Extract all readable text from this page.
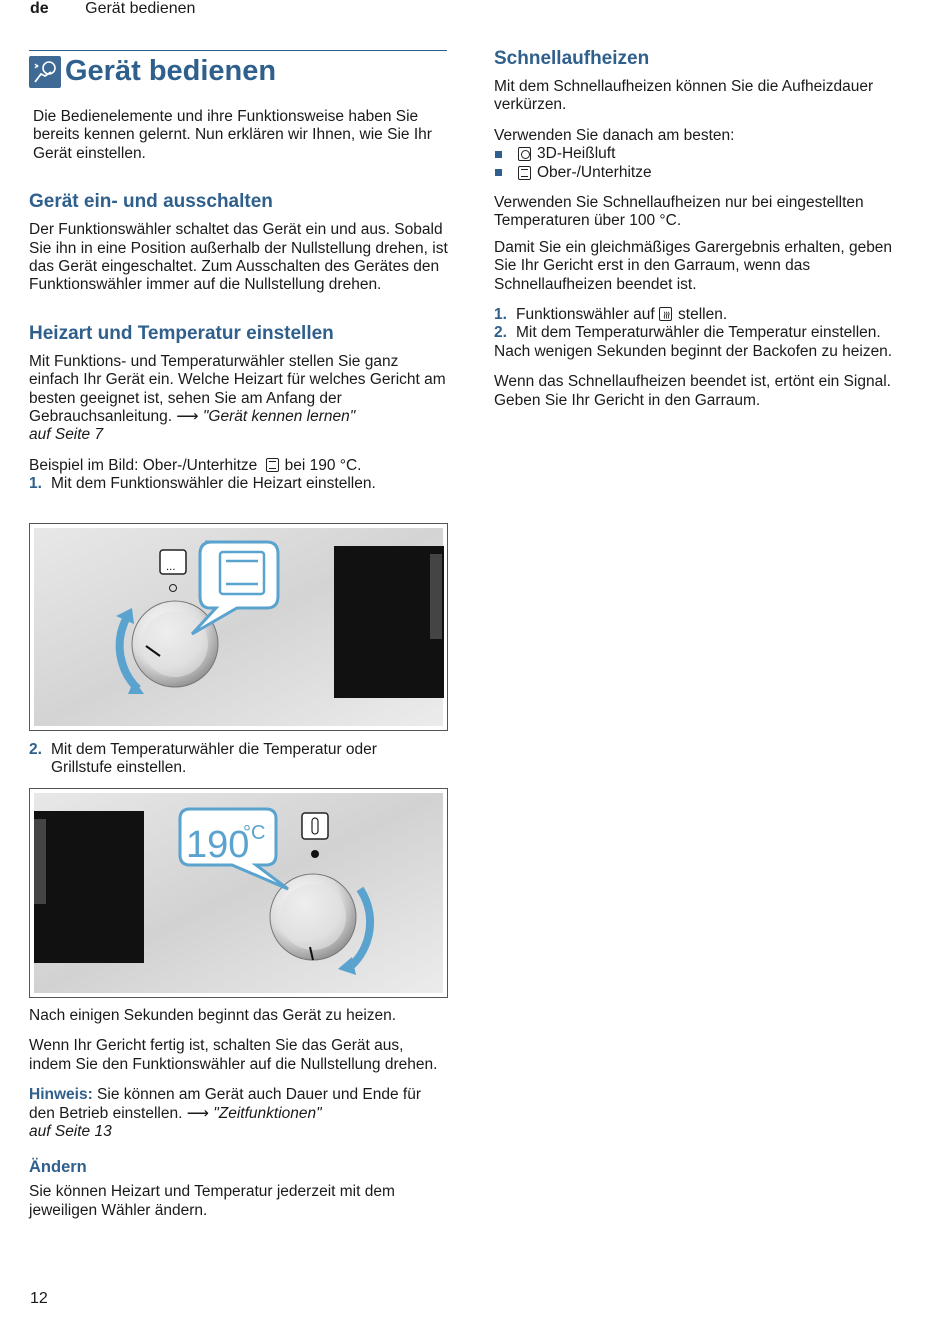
de Gerät bedienen
Gerät bedienen

Die Bedienelemente und ihre Funktionsweise haben Sie bereits kennen gelernt. Nun erklären wir Ihnen, wie Sie Ihr Gerät einstellen.

Gerät ein- und ausschalten

Der Funktionswähler schaltet das Gerät ein und aus. Sobald Sie ihn in eine Position außerhalb der Nullstellung drehen, ist das Gerät eingeschaltet. Zum Ausschalten des Gerätes den Funktionswähler immer auf die Nullstellung drehen.

Heizart und Temperatur einstellen

Mit Funktions- und Temperaturwähler stellen Sie ganz einfach Ihr Gerät ein. Welche Heizart für welches Gericht am besten geeignet ist, sehen Sie am Anfang der Gebrauchsanleitung. ⟶ "Gerät kennen lernen"
auf Seite 7

Beispiel im Bild: Ober-/Unterhitze bei 190 °C.

1. Mit dem Funktionswähler die Heizart einstellen.
...
2. Mit dem Temperaturwähler die Temperatur oder Grillstufe einstellen.
190
°C

Nach einigen Sekunden beginnt das Gerät zu heizen.

Wenn Ihr Gericht fertig ist, schalten Sie das Gerät aus, indem Sie den Funktionswähler auf die Nullstellung drehen.

Hinweis: Sie können am Gerät auch Dauer und Ende für den Betrieb einstellen. ⟶ "Zeitfunktionen"
auf Seite 13

Ändern

Sie können Heizart und Temperatur jederzeit mit dem jeweiligen Wähler ändern.

Schnellaufheizen

Mit dem Schnellaufheizen können Sie die Aufheizdauer verkürzen.

Verwenden Sie danach am besten:

3D-Heißluft
Ober-/Unterhitze

Verwenden Sie Schnellaufheizen nur bei eingestellten Temperaturen über 100 °C.

Damit Sie ein gleichmäßiges Garergebnis erhalten, geben Sie Ihr Gericht erst in den Garraum, wenn das Schnellaufheizen beendet ist.

1. Funktionswähler auf ≋ stellen.
2. Mit dem Temperaturwähler die Temperatur einstellen.

Nach wenigen Sekunden beginnt der Backofen zu heizen.

Wenn das Schnellaufheizen beendet ist, ertönt ein Signal. Geben Sie Ihr Gericht in den Garraum.

12
